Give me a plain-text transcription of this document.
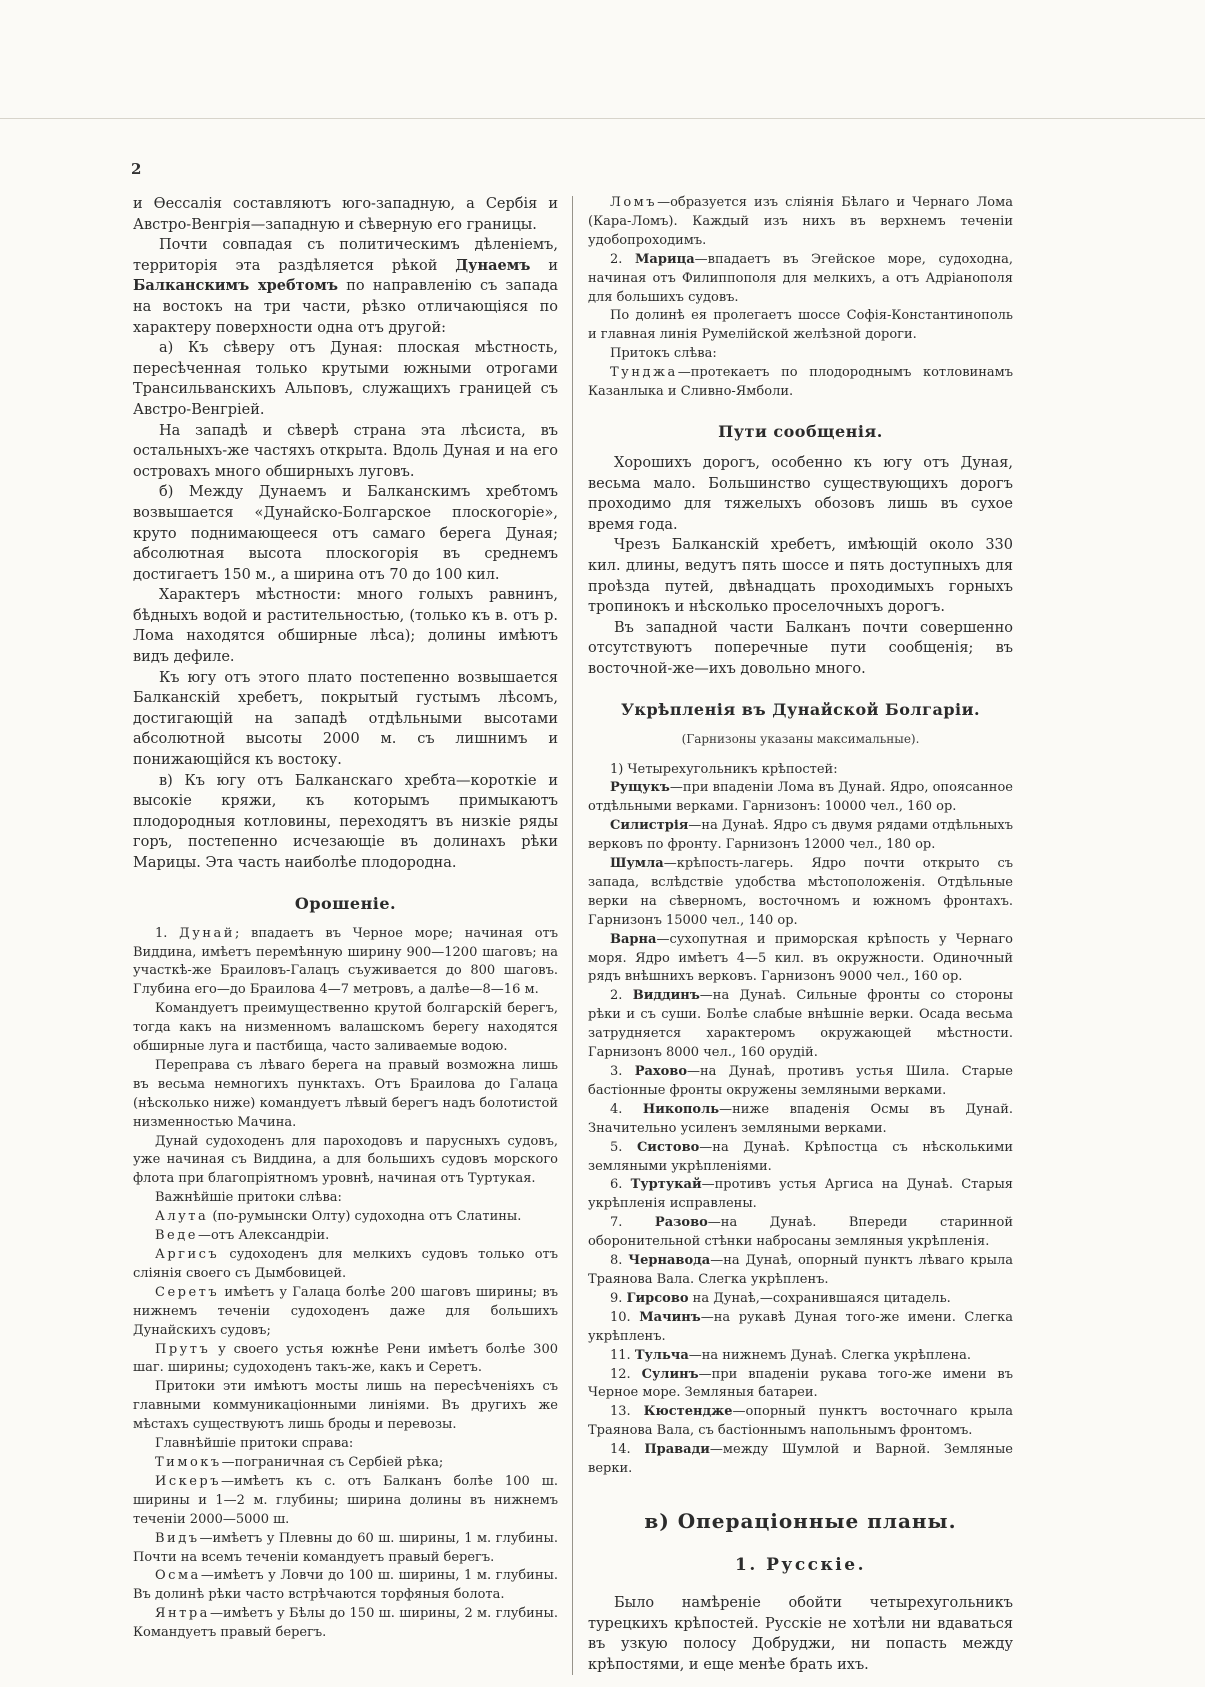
2

и Ѳессалія составляютъ юго-западную, а Сербія и Австро-Венгрія—западную и сѣверную его границы.

Почти совпадая съ политическимъ дѣленіемъ, территорія эта раздѣляется рѣкой Дунаемъ и Балканскимъ хребтомъ по направленію съ запада на востокъ на три части, рѣзко отличающіяся по характеру поверхности одна отъ другой:

а) Къ сѣверу отъ Дуная: плоская мѣстность, пересѣченная только крутыми южными отрогами Трансильванскихъ Альповъ, служащихъ границей съ Австро-Венгріей.

На западѣ и сѣверѣ страна эта лѣсиста, въ остальныхъ-же частяхъ открыта. Вдоль Дуная и на его островахъ много обширныхъ луговъ.

б) Между Дунаемъ и Балканскимъ хребтомъ возвышается «Дунайско-Болгарское плоскогоріе», круто поднимающееся отъ самаго берега Дуная; абсолютная высота плоскогорія въ среднемъ достигаетъ 150 м., а ширина отъ 70 до 100 кил.

Характеръ мѣстности: много голыхъ равнинъ, бѣдныхъ водой и растительностью, (только къ в. отъ р. Лома находятся обширные лѣса); долины имѣютъ видъ дефиле.

Къ югу отъ этого плато постепенно возвышается Балканскій хребетъ, покрытый густымъ лѣсомъ, достигающій на западѣ отдѣльными высотами абсолютной высоты 2000 м. съ лишнимъ и понижающійся къ востоку.

в) Къ югу отъ Балканскаго хребта—короткіе и высокіе кряжи, къ которымъ примыкаютъ плодородныя котловины, переходятъ въ низкіе ряды горъ, постепенно исчезающіе въ долинахъ рѣки Марицы. Эта часть наиболѣе плодородна.

Орошеніе.

1. Дунай; впадаетъ въ Черное море; начиная отъ Виддина, имѣетъ перемѣнную ширину 900—1200 шаговъ; на участкѣ-же Браиловъ-Галацъ съуживается до 800 шаговъ. Глубина его—до Браилова 4—7 метровъ, а далѣе—8—16 м.

Командуетъ преимущественно крутой болгарскій берегъ, тогда какъ на низменномъ валашскомъ берегу находятся обширные луга и пастбища, часто заливаемые водою.

Переправа съ лѣваго берега на правый возможна лишь въ весьма немногихъ пунктахъ. Отъ Браилова до Галаца (нѣсколько ниже) командуетъ лѣвый берегъ надъ болотистой низменностью Мачина.

Дунай судоходенъ для пароходовъ и парусныхъ судовъ, уже начиная съ Виддина, а для большихъ судовъ морского флота при благопріятномъ уровнѣ, начиная отъ Туртукая.

Важнѣйшіе притоки слѣва:

Алута (по-румынски Олту) судоходна отъ Слатины.

Веде—отъ Александріи.

Аргисъ судоходенъ для мелкихъ судовъ только отъ сліянія своего съ Дымбовицей.

Серетъ имѣетъ у Галаца болѣе 200 шаговъ ширины; въ нижнемъ теченіи судоходенъ даже для большихъ Дунайскихъ судовъ;

Прутъ у своего устья южнѣе Рени имѣетъ болѣе 300 шаг. ширины; судоходенъ такъ-же, какъ и Серетъ.

Притоки эти имѣютъ мосты лишь на пересѣченіяхъ съ главными коммуникаціонными линіями. Въ другихъ же мѣстахъ существуютъ лишь броды и перевозы.

Главнѣйшіе притоки справа:

Тимокъ—пограничная съ Сербіей рѣка;

Искеръ—имѣетъ къ с. отъ Балканъ болѣе 100 ш. ширины и 1—2 м. глубины; ширина долины въ нижнемъ теченіи 2000—5000 ш.

Видъ—имѣетъ у Плевны до 60 ш. ширины, 1 м. глубины. Почти на всемъ теченіи командуетъ правый берегъ.

Осма—имѣетъ у Ловчи до 100 ш. ширины, 1 м. глубины. Въ долинѣ рѣки часто встрѣчаются торфяныя болота.

Янтра—имѣетъ у Бѣлы до 150 ш. ширины, 2 м. глубины. Командуетъ правый берегъ.

Ломъ—образуется изъ сліянія Бѣлаго и Чернаго Лома (Кара-Ломъ). Каждый изъ нихъ въ верхнемъ теченіи удобопроходимъ.

2. Марица—впадаетъ въ Эгейское море, судоходна, начиная отъ Филиппополя для мелкихъ, а отъ Адріанополя для большихъ судовъ.

По долинѣ ея пролегаетъ шоссе Софія-Константинополь и главная линія Румелійской желѣзной дороги.

Притокъ слѣва:

Тунджа—протекаетъ по плодороднымъ котловинамъ Казанлыка и Сливно-Ямболи.

Пути сообщенія.

Хорошихъ дорогъ, особенно къ югу отъ Дуная, весьма мало. Большинство существующихъ дорогъ проходимо для тяжелыхъ обозовъ лишь въ сухое время года.

Чрезъ Балканскій хребетъ, имѣющій около 330 кил. длины, ведутъ пять шоссе и пять доступныхъ для проѣзда путей, двѣнадцать проходимыхъ горныхъ тропинокъ и нѣсколько проселочныхъ дорогъ.

Въ западной части Балканъ почти совершенно отсутствуютъ поперечные пути сообщенія; въ восточной-же—ихъ довольно много.

Укрѣпленія въ Дунайской Болгаріи.

(Гарнизоны указаны максимальные).

1) Четырехугольникъ крѣпостей:

Рущукъ—при впаденіи Лома въ Дунай. Ядро, опоясанное отдѣльными верками. Гарнизонъ: 10000 чел., 160 ор.

Силистрія—на Дунаѣ. Ядро съ двумя рядами отдѣльныхъ верковъ по фронту. Гарнизонъ 12000 чел., 180 ор.

Шумла—крѣпость-лагерь. Ядро почти открыто съ запада, вслѣдствіе удобства мѣстоположенія. Отдѣльные верки на сѣверномъ, восточномъ и южномъ фронтахъ. Гарнизонъ 15000 чел., 140 ор.

Варна—сухопутная и приморская крѣпость у Чернаго моря. Ядро имѣетъ 4—5 кил. въ окружности. Одиночный рядъ внѣшнихъ верковъ. Гарнизонъ 9000 чел., 160 ор.

2. Виддинъ—на Дунаѣ. Сильные фронты со стороны рѣки и съ суши. Болѣе слабые внѣшніе верки. Осада весьма затрудняется характеромъ окружающей мѣстности. Гарнизонъ 8000 чел., 160 орудій.

3. Рахово—на Дунаѣ, противъ устья Шила. Старые бастіонные фронты окружены земляными верками.

4. Никополь—ниже впаденія Осмы въ Дунай. Значительно усиленъ земляными верками.

5. Систово—на Дунаѣ. Крѣпостца съ нѣсколькими земляными укрѣпленіями.

6. Туртукай—противъ устья Аргиса на Дунаѣ. Старыя укрѣпленія исправлены.

7. Разово—на Дунаѣ. Впереди старинной оборонительной стѣнки набросаны земляныя укрѣпленія.

8. Чернавода—на Дунаѣ, опорный пунктъ лѣваго крыла Траянова Вала. Слегка укрѣпленъ.

9. Гирсово на Дунаѣ,—сохранившаяся цитадель.

10. Мачинъ—на рукавѣ Дуная того-же имени. Слегка укрѣпленъ.

11. Тульча—на нижнемъ Дунаѣ. Слегка укрѣплена.

12. Сулинъ—при впаденіи рукава того-же имени въ Черное море. Земляныя батареи.

13. Кюстендже—опорный пунктъ восточнаго крыла Траянова Вала, съ бастіоннымъ напольнымъ фронтомъ.

14. Правади—между Шумлой и Варной. Земляные верки.

в) Операціонные планы.
1. Русскіе.

Было намѣреніе обойти четырехугольникъ турецкихъ крѣпостей. Русскіе не хотѣли ни вдаваться въ узкую полосу Добруджи, ни попасть между крѣпостями, и еще менѣе брать ихъ.
